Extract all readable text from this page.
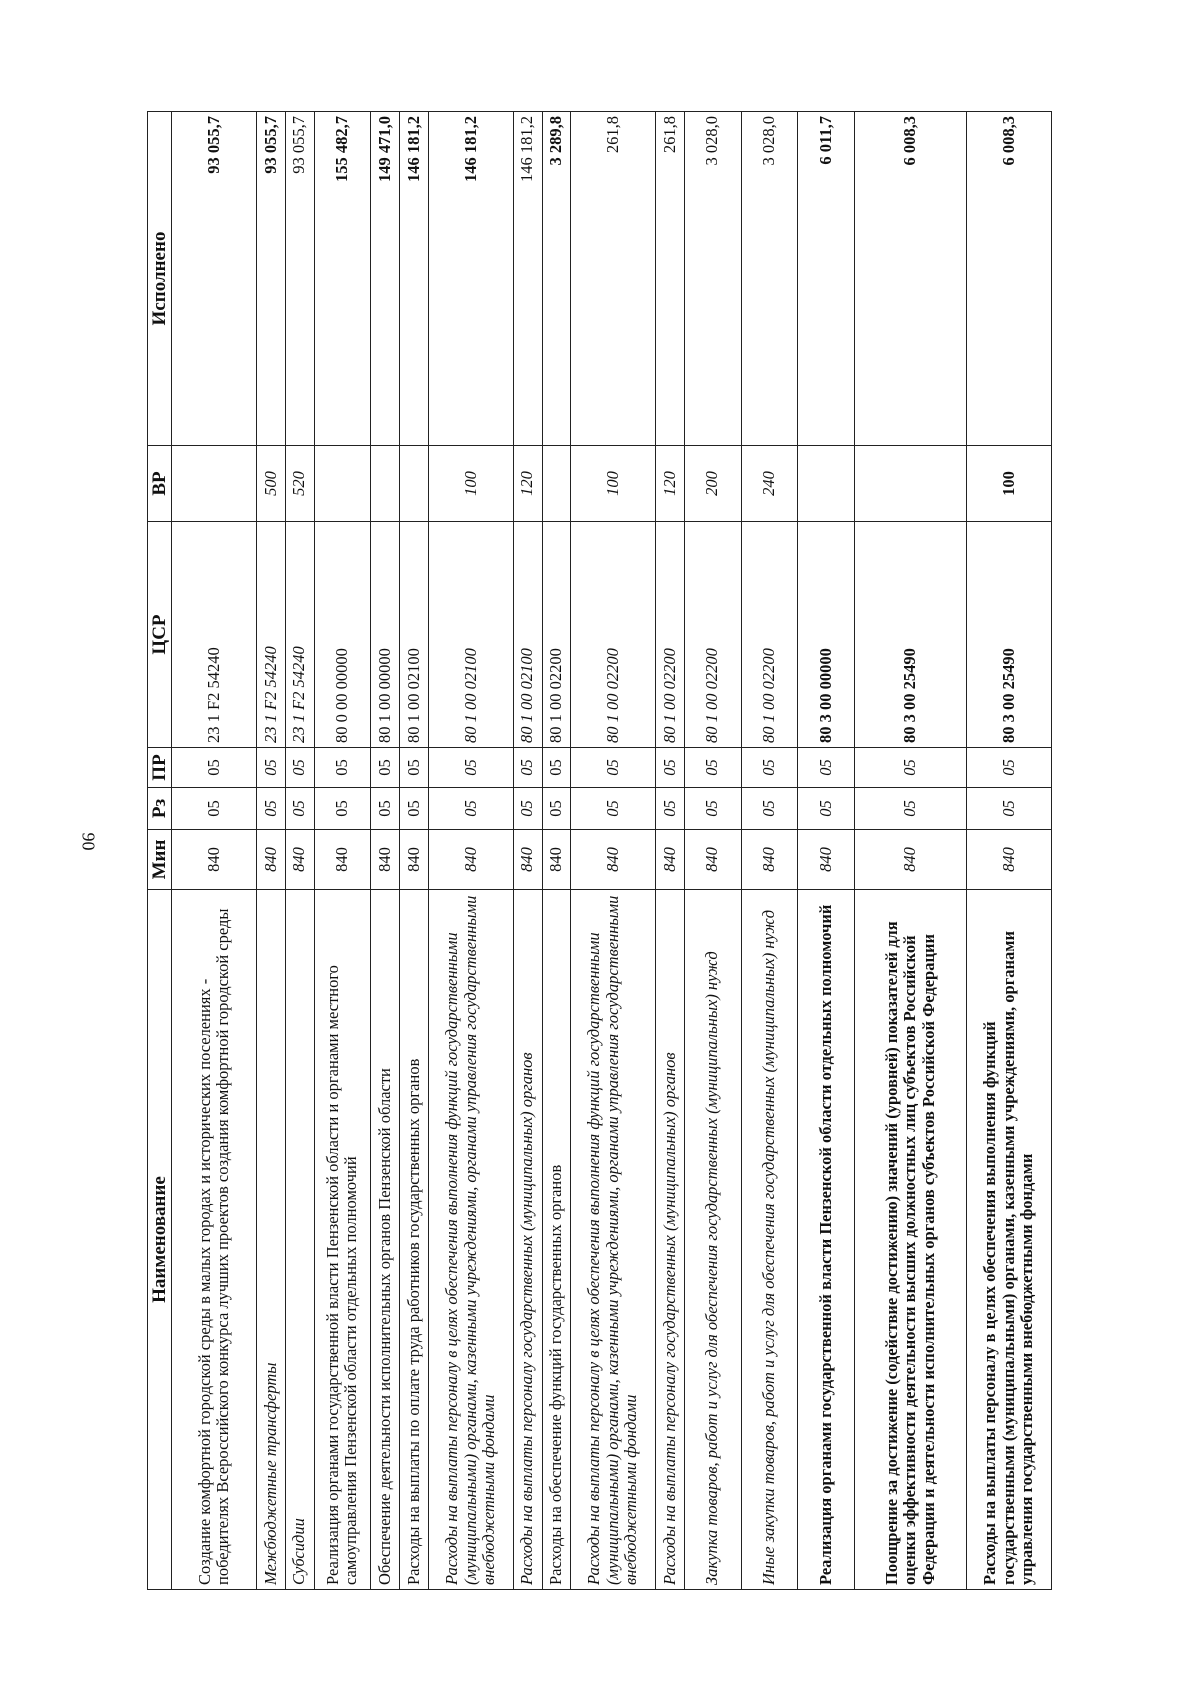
90
Наименование	Мин	Рз	ПР	ЦСР	ВР	Исполнено
Создание комфортной городской среды в малых городах и исторических поселениях - победителях Всероссийского конкурса лучших проектов создания комфортной городской среды	840	05	05	23 1 F2 54240		93 055,7
Межбюджетные трансферты	840	05	05	23 1 F2 54240	500	93 055,7
Субсидии	840	05	05	23 1 F2 54240	520	93 055,7
Реализация органами государственной власти Пензенской области и органами местного самоуправления Пензенской области отдельных полномочий	840	05	05	80 0 00 00000		155 482,7
Обеспечение деятельности исполнительных органов Пензенской области	840	05	05	80 1 00 00000		149 471,0
Расходы на выплаты по оплате труда работников государственных органов	840	05	05	80 1 00 02100		146 181,2
Расходы на выплаты персоналу в целях обеспечения выполнения функций государственными (муниципальными) органами, казенными учреждениями, органами управления государственными внебюджетными фондами	840	05	05	80 1 00 02100	100	146 181,2
Расходы на выплаты персоналу государственных (муниципальных) органов	840	05	05	80 1 00 02100	120	146 181,2
Расходы на обеспечение функций государственных органов	840	05	05	80 1 00 02200		3 289,8
Расходы на выплаты персоналу в целях обеспечения выполнения функций государственными (муниципальными) органами, казенными учреждениями, органами управления государственными внебюджетными фондами	840	05	05	80 1 00 02200	100	261,8
Расходы на выплаты персоналу государственных (муниципальных) органов	840	05	05	80 1 00 02200	120	261,8
Закупка товаров, работ и услуг для обеспечения государственных (муниципальных) нужд	840	05	05	80 1 00 02200	200	3 028,0
Иные закупки товаров, работ и услуг для обеспечения государственных (муниципальных) нужд	840	05	05	80 1 00 02200	240	3 028,0
Реализация органами государственной власти Пензенской области отдельных полномочий	840	05	05	80 3 00 00000		6 011,7
Поощрение за достижение (содействие достижению) значений (уровней) показателей для оценки эффективности деятельности высших должностных лиц субъектов Российской Федерации и деятельности исполнительных органов субъектов Российской Федерации	840	05	05	80 3 00 25490		6 008,3
Расходы на выплаты персоналу в целях обеспечения выполнения функций государственными (муниципальными) органами, казенными учреждениями, органами управления государственными внебюджетными фондами	840	05	05	80 3 00 25490	100	6 008,3
